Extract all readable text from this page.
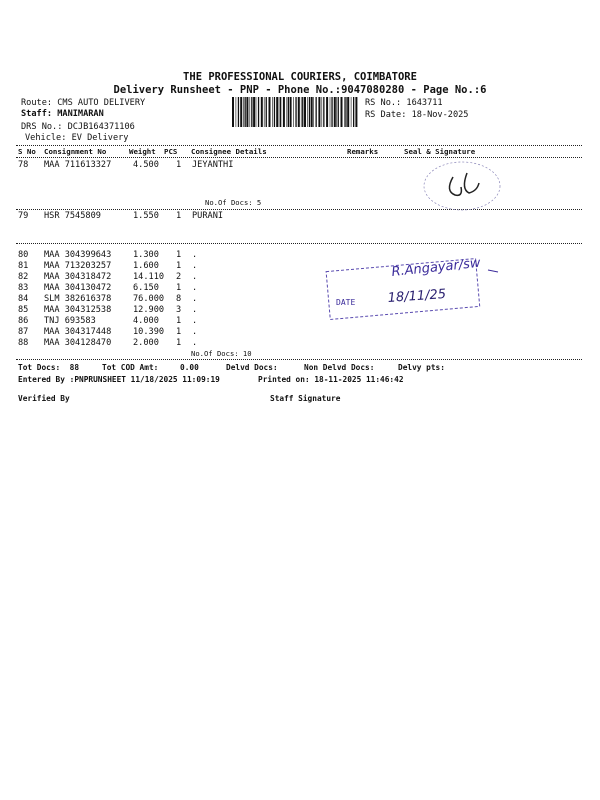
THE PROFESSIONAL COURIERS, COIMBATORE
Delivery Runsheet - PNP - Phone No.:9047080280 - Page No.:6
Route: CMS AUTO DELIVERY
Staff: MANIMARAN
DRS No.: DCJB164371106
Vehicle: EV Delivery
RS No.: 1643711
RS Date: 18-Nov-2025
S No Consignment No	Weight PCS Consignee Details	Remarks	Seal & Signature
78 MAA 711613327	4.500 1 JEYANTHI
79 HSR 7545809	1.550 1 PURANI
80 MAA 304399643	1.300 1 .
81 MAA 713203257	1.600 1 .
82 MAA 304318472	14.110 2 .
83 MAA 304130472	6.150 1 .
84 SLM 382616378	76.000 8 .
85 MAA 304312538	12.900 3 .
86 TNJ 693583	4.000 1 .
87 MAA 304317448	10.390 1 .
88 MAA 304128470	2.000 1 .
No.Of Docs: 5
No.Of Docs: 10
R.Angayar/sw
DATE 18/11/25
Tot Docs:  88	Tot COD Amt:	0.00	Delvd Docs:	Non Delvd Docs:	Delvy pts:
Entered By :PNPRUNSHEET 11/18/2025 11:09:19	Printed on: 18-11-2025 11:46:42
Verified By	Staff Signature
